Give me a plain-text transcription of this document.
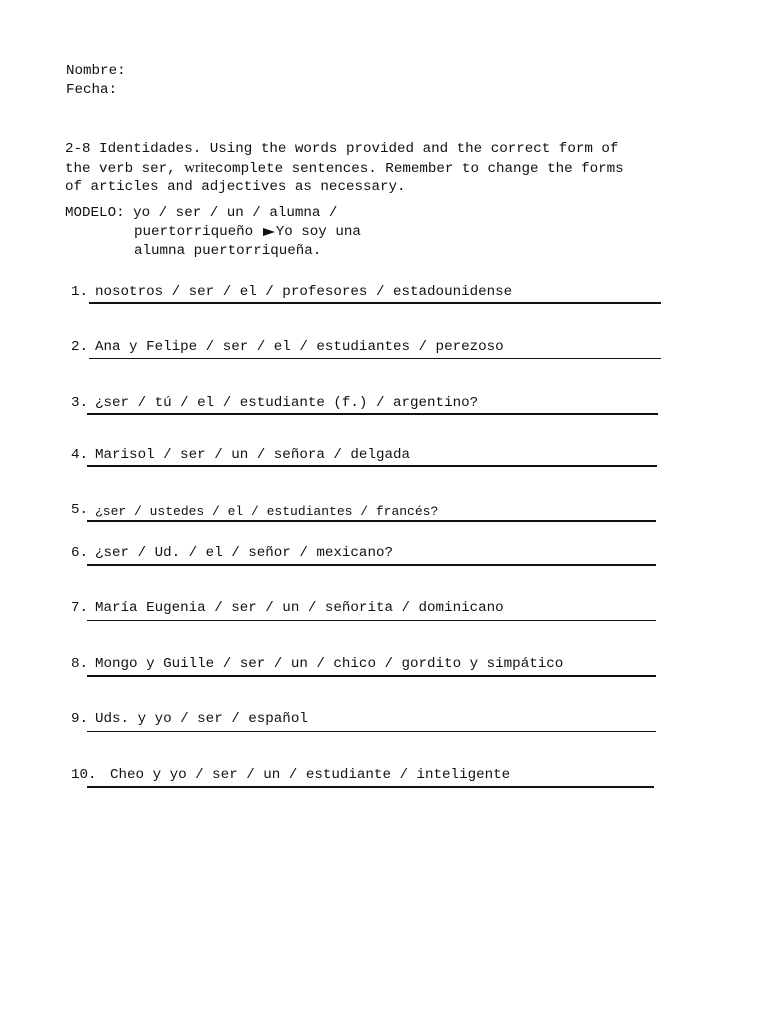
Nombre:
Fecha:
2-8 Identidades. Using the words provided and the correct form of
the verb ser, writecomplete sentences. Remember to change the forms
of articles and adjectives as necessary.
MODELO: yo / ser / un / alumna /
puertorriqueño Yo soy una
alumna puertorriqueña.
1. nosotros / ser / el / profesores / estadounidense
2. Ana y Felipe / ser / el / estudiantes / perezoso
3. ¿ser / tú / el / estudiante (f.) / argentino?
4. Marisol / ser / un / señora / delgada
5. ¿ser / ustedes / el / estudiantes / francés?
6. ¿ser / Ud. / el / señor / mexicano?
7. María Eugenia / ser / un / señorita / dominicano
8. Mongo y Guille / ser / un / chico / gordito y simpático
9. Uds. y yo / ser / español
10. Cheo y yo / ser / un / estudiante / inteligente
